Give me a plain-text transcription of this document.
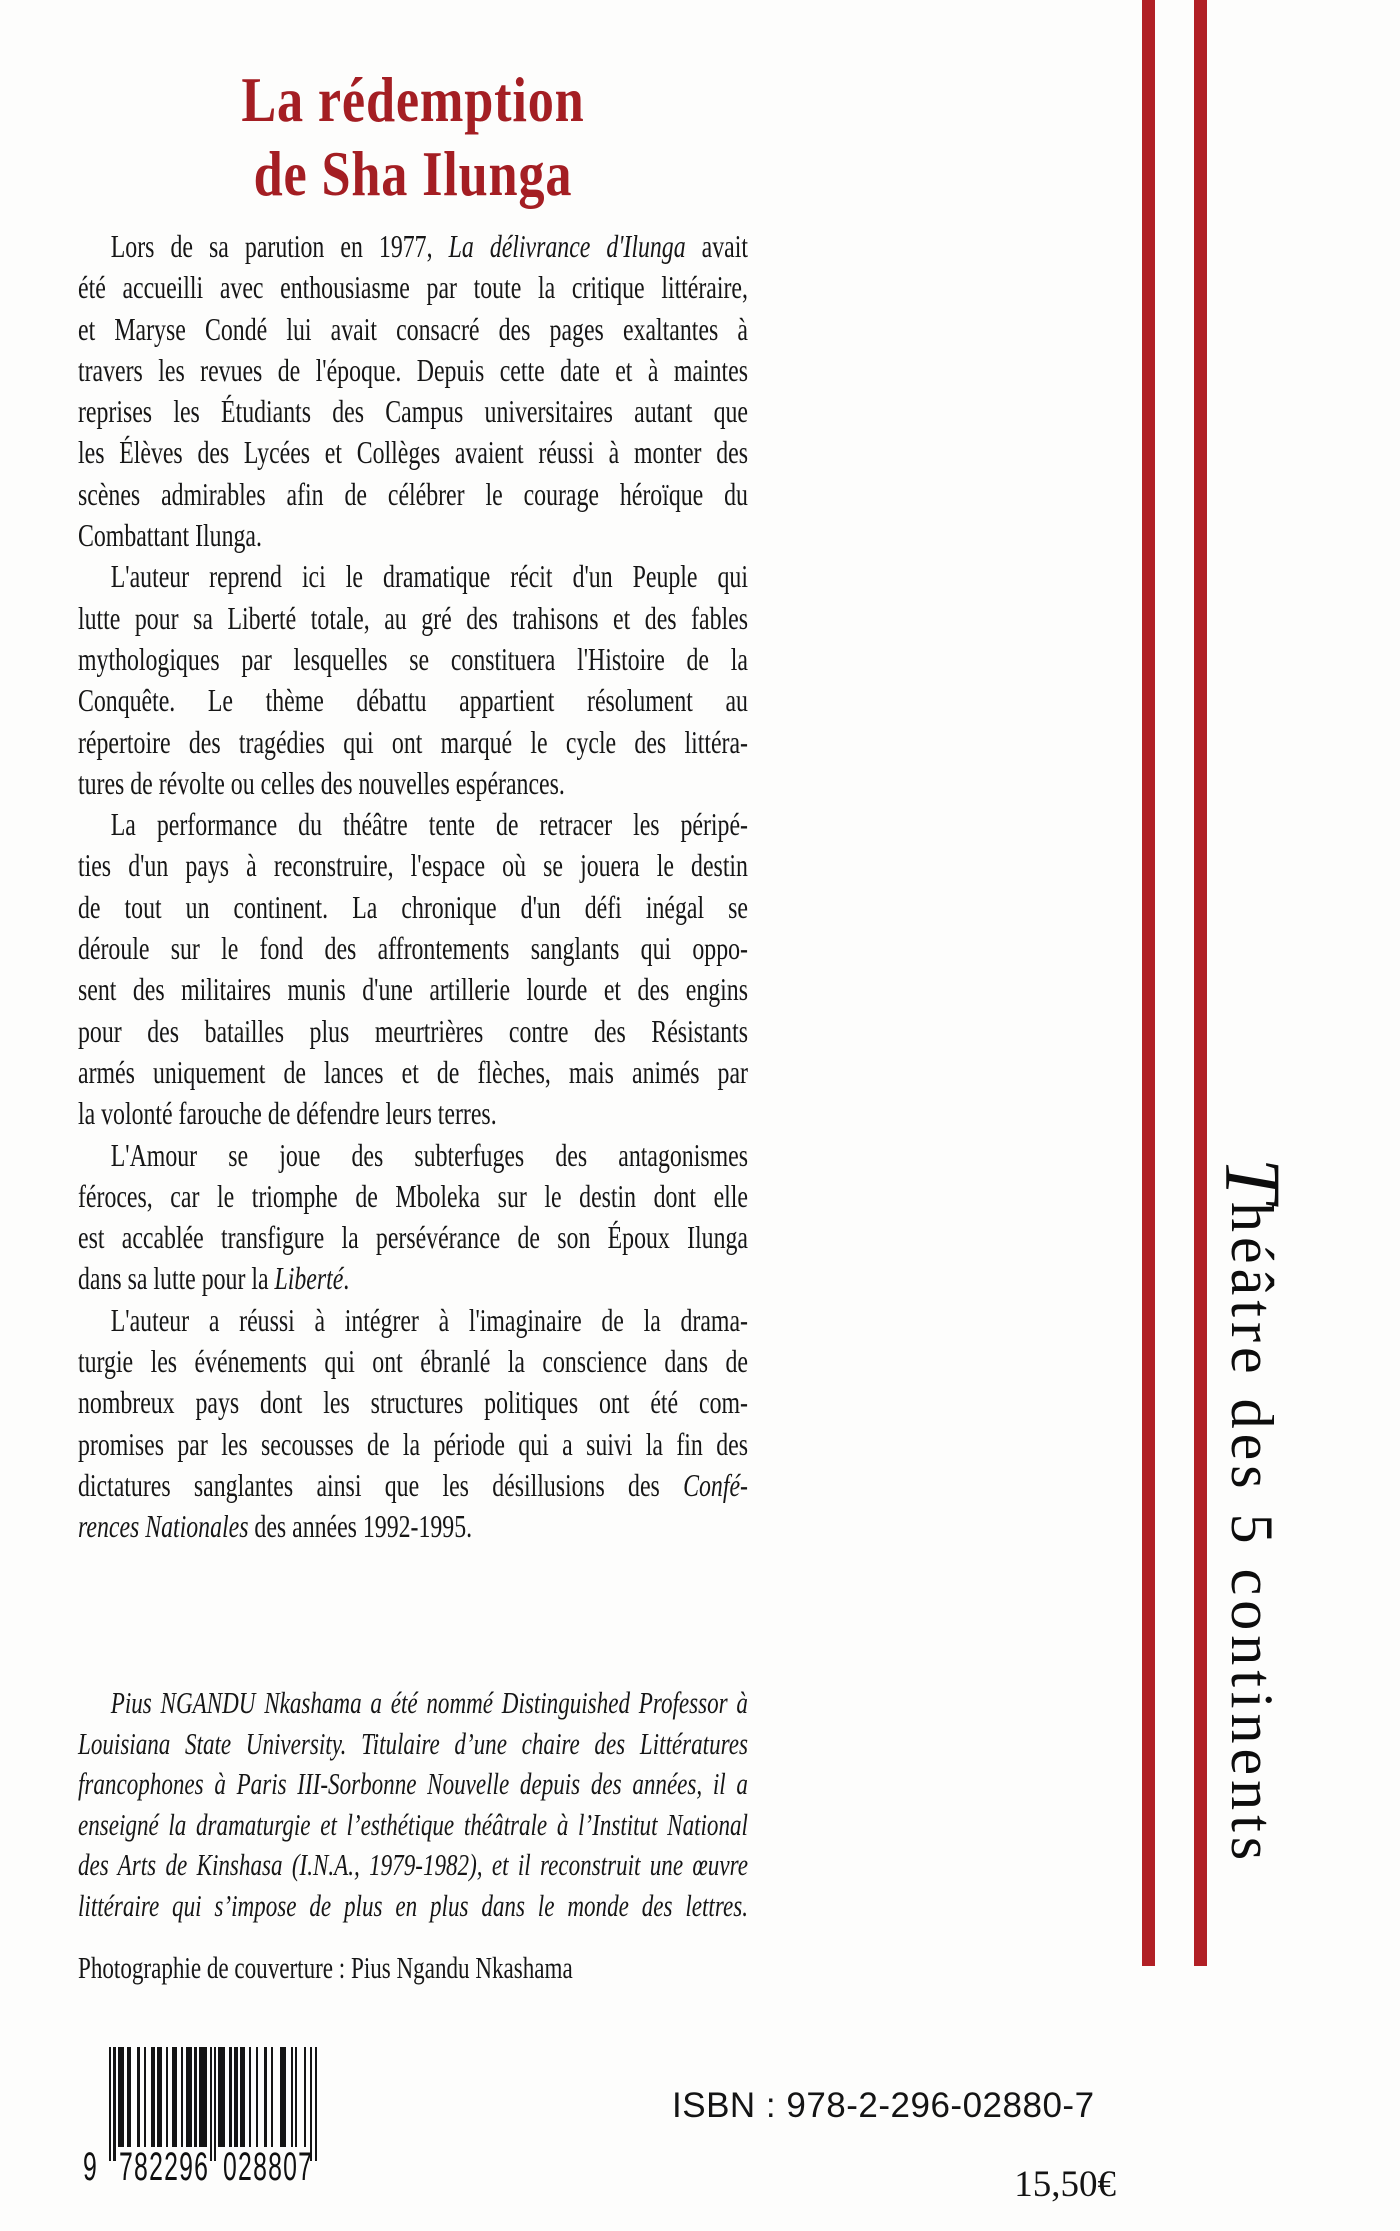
La rédemption
de Sha Ilunga
Lors de sa parution en 1977, La délivrance d'Ilunga avait
été accueilli avec enthousiasme par toute la critique littéraire,
et Maryse Condé lui avait consacré des pages exaltantes à
travers les revues de l'époque. Depuis cette date et à maintes
reprises les Étudiants des Campus universitaires autant que
les Élèves des Lycées et Collèges avaient réussi à monter des
scènes admirables afin de célébrer le courage héroïque du
Combattant Ilunga.
L'auteur reprend ici le dramatique récit d'un Peuple qui
lutte pour sa Liberté totale, au gré des trahisons et des fables
mythologiques par lesquelles se constituera l'Histoire de la
Conquête. Le thème débattu appartient résolument au
répertoire des tragédies qui ont marqué le cycle des littéra-
tures de révolte ou celles des nouvelles espérances.
La performance du théâtre tente de retracer les péripé-
ties d'un pays à reconstruire, l'espace où se jouera le destin
de tout un continent. La chronique d'un défi inégal se
déroule sur le fond des affrontements sanglants qui oppo-
sent des militaires munis d'une artillerie lourde et des engins
pour des batailles plus meurtrières contre des Résistants
armés uniquement de lances et de flèches, mais animés par
la volonté farouche de défendre leurs terres.
L'Amour se joue des subterfuges des antagonismes
féroces, car le triomphe de Mboleka sur le destin dont elle
est accablée transfigure la persévérance de son Époux Ilunga
dans sa lutte pour la Liberté.
L'auteur a réussi à intégrer à l'imaginaire de la drama-
turgie les événements qui ont ébranlé la conscience dans de
nombreux pays dont les structures politiques ont été com-
promises par les secousses de la période qui a suivi la fin des
dictatures sanglantes ainsi que les désillusions des Confé-
rences Nationales des années 1992-1995.
Pius NGANDU Nkashama a été nommé Distinguished Professor à
Louisiana State University. Titulaire d’une chaire des Littératures
francophones à Paris III-Sorbonne Nouvelle depuis des années, il a
enseigné la dramaturgie et l’esthétique théâtrale à l’Institut National
des Arts de Kinshasa (I.N.A., 1979-1982), et il reconstruit une œuvre
littéraire qui s’impose de plus en plus dans le monde des lettres.
Photographie de couverture : Pius Ngandu Nkashama
Théâtre des 5 continents
9 782296 028807
ISBN : 978-2-296-02880-7
15,50€
